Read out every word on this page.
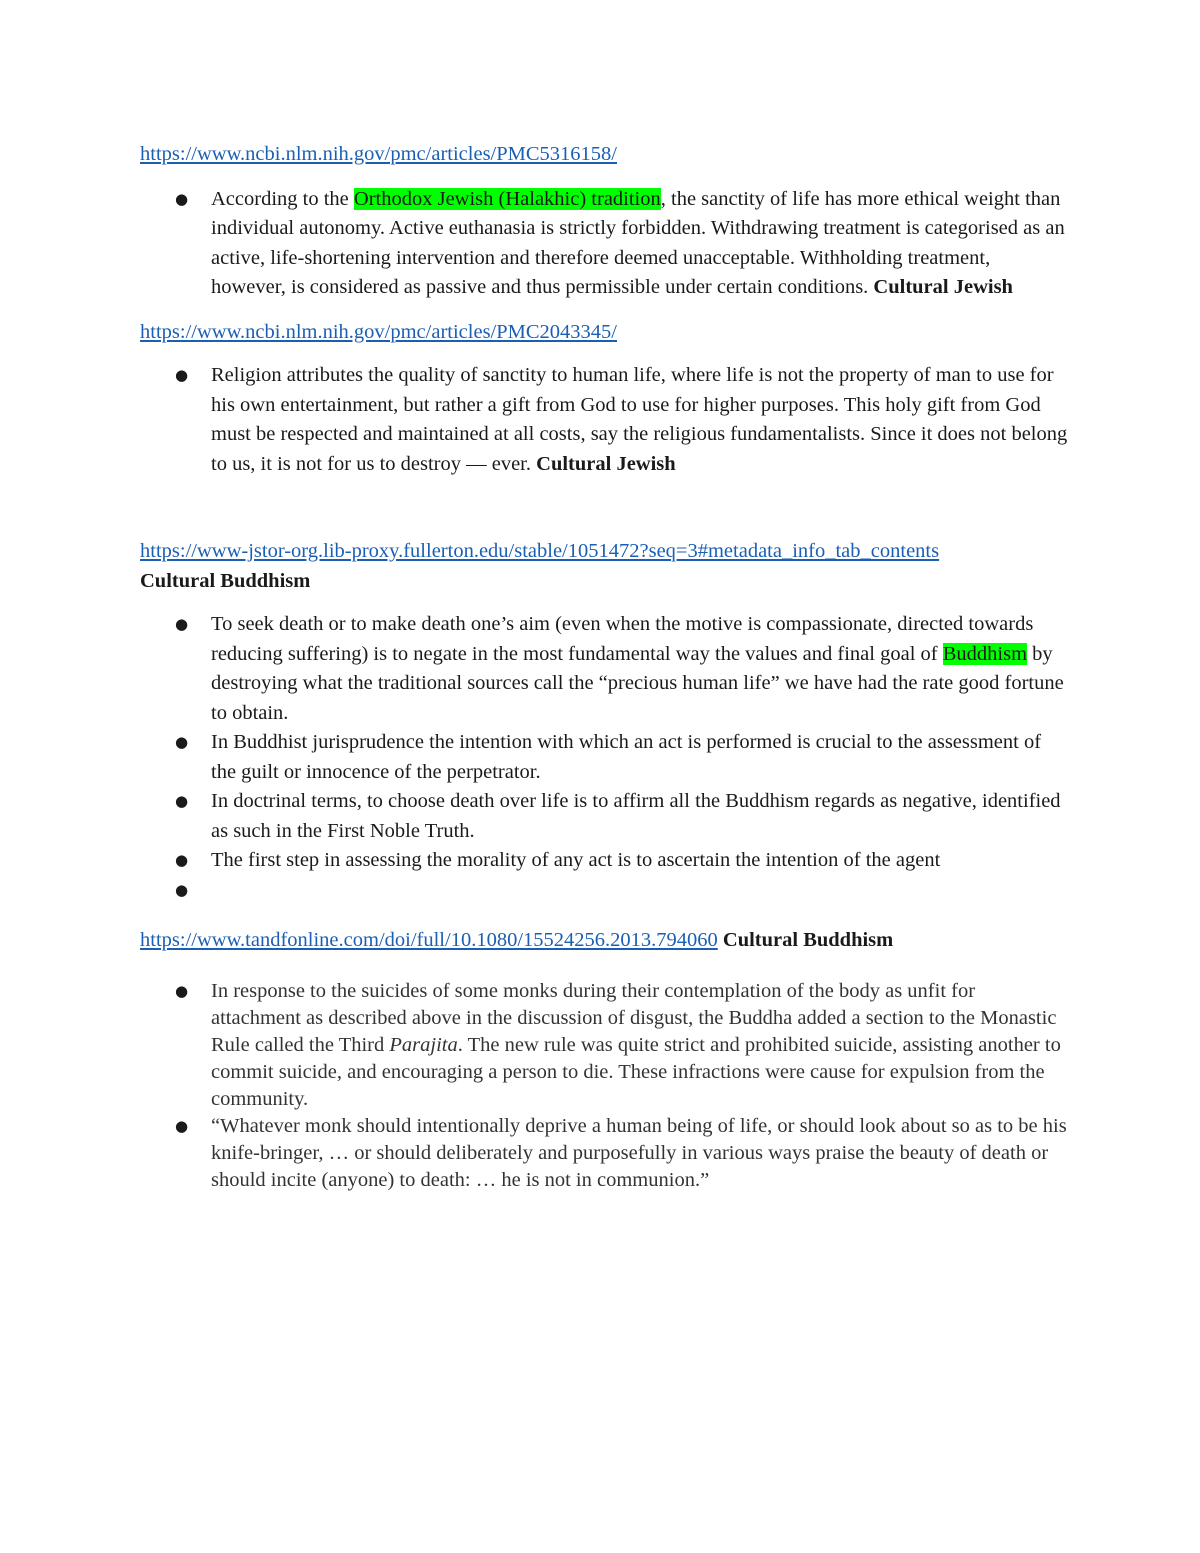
https://www.ncbi.nlm.nih.gov/pmc/articles/PMC5316158/

● According to the Orthodox Jewish (Halakhic) tradition, the sanctity of life has more ethical weight than individual autonomy. Active euthanasia is strictly forbidden. Withdrawing treatment is categorised as an active, life-shortening intervention and therefore deemed unacceptable. Withholding treatment, however, is considered as passive and thus permissible under certain conditions. Cultural Jewish

https://www.ncbi.nlm.nih.gov/pmc/articles/PMC2043345/

● Religion attributes the quality of sanctity to human life, where life is not the property of man to use for his own entertainment, but rather a gift from God to use for higher purposes. This holy gift from God must be respected and maintained at all costs, say the religious fundamentalists. Since it does not belong to us, it is not for us to destroy — ever. Cultural Jewish

https://www-jstor-org.lib-proxy.fullerton.edu/stable/1051472?seq=3#metadata_info_tab_contents

Cultural Buddhism

● To seek death or to make death one’s aim (even when the motive is compassionate, directed towards reducing suffering) is to negate in the most fundamental way the values and final goal of Buddhism by destroying what the traditional sources call the “precious human life” we have had the rate good fortune to obtain.
● In Buddhist jurisprudence the intention with which an act is performed is crucial to the assessment of the guilt or innocence of the perpetrator.
● In doctrinal terms, to choose death over life is to affirm all the Buddhism regards as negative, identified as such in the First Noble Truth.
● The first step in assessing the morality of any act is to ascertain the intention of the agent
●

https://www.tandfonline.com/doi/full/10.1080/15524256.2013.794060 Cultural Buddhism

● In response to the suicides of some monks during their contemplation of the body as unfit for attachment as described above in the discussion of disgust, the Buddha added a section to the Monastic Rule called the Third Parajita. The new rule was quite strict and prohibited suicide, assisting another to commit suicide, and encouraging a person to die. These infractions were cause for expulsion from the community.
● “Whatever monk should intentionally deprive a human being of life, or should look about so as to be his knife-bringer, … or should deliberately and purposefully in various ways praise the beauty of death or should incite (anyone) to death: … he is not in communion.”
